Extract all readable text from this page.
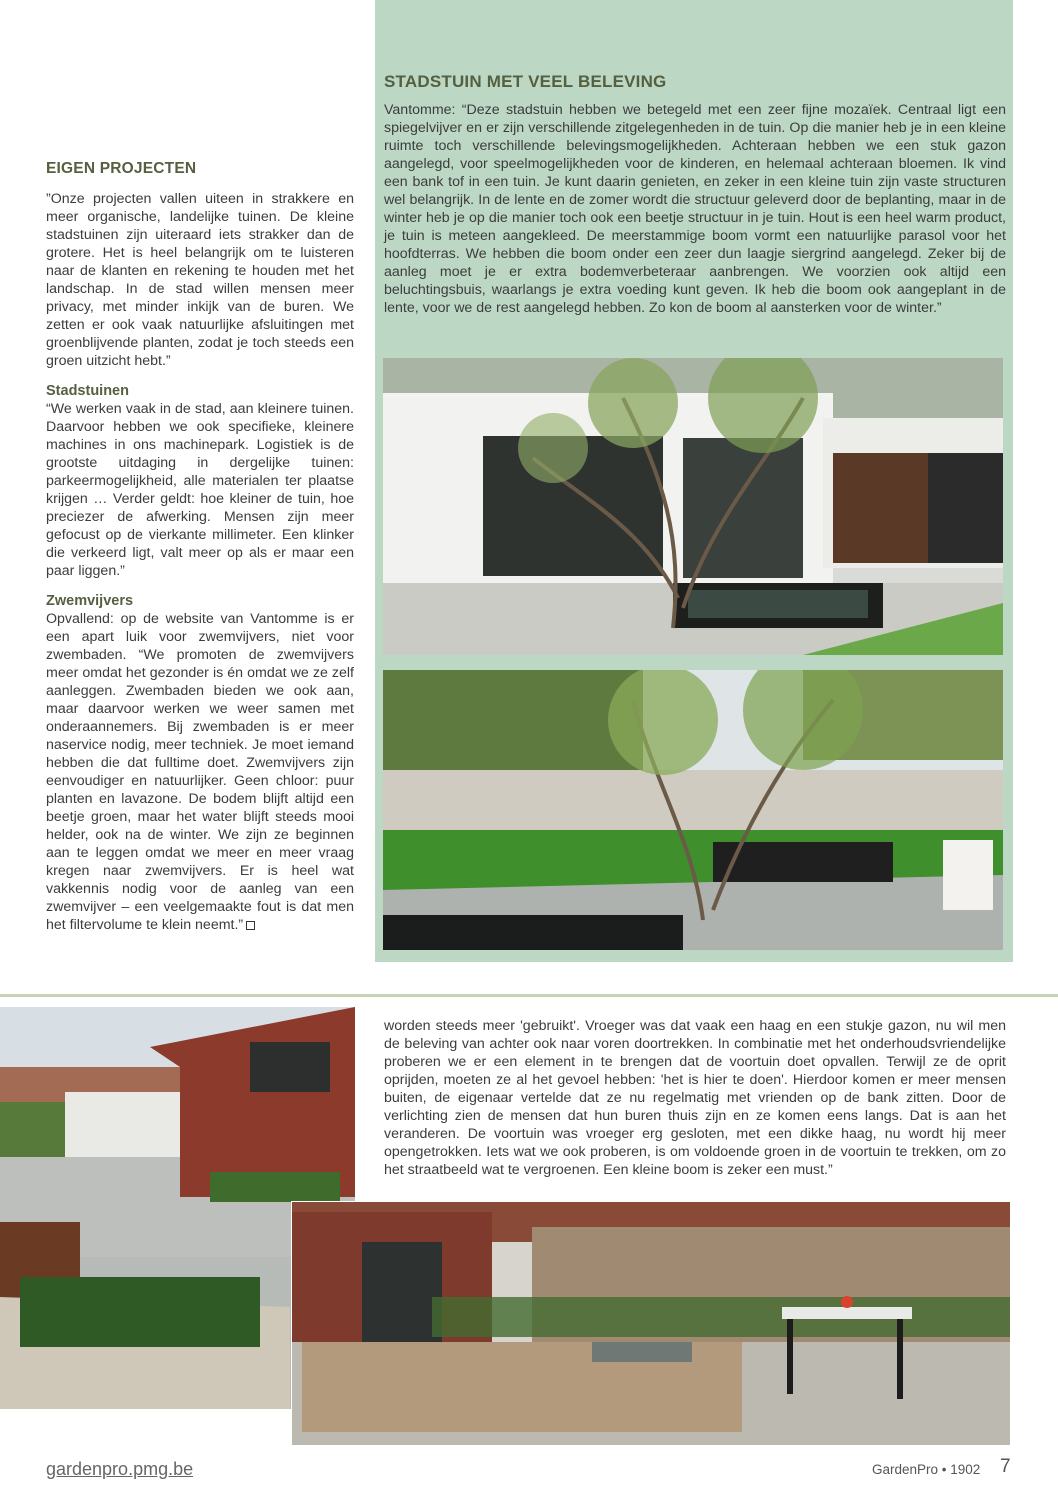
EIGEN PROJECTEN

”Onze projecten vallen uiteen in strakkere en meer organische, landelijke tuinen. De kleine stadstuinen zijn uiteraard iets strakker dan de grotere. Het is heel belangrijk om te luisteren naar de klanten en rekening te houden met het landschap. In de stad willen mensen meer privacy, met minder inkijk van de buren. We zetten er ook vaak natuurlijke afsluitingen met groenblijvende planten, zodat je toch steeds een groen uitzicht hebt.”

Stadstuinen

“We werken vaak in de stad, aan kleinere tuinen. Daarvoor hebben we ook specifieke, kleinere machines in ons machinepark. Logistiek is de grootste uitdaging in dergelijke tuinen: parkeermogelijkheid, alle materialen ter plaatse krijgen … Verder geldt: hoe kleiner de tuin, hoe preciezer de afwerking. Mensen zijn meer gefocust op de vierkante millimeter. Een klinker die verkeerd ligt, valt meer op als er maar een paar liggen.”

Zwemvijvers

Opvallend: op de website van Vantomme is er een apart luik voor zwemvijvers, niet voor zwembaden. “We promoten de zwemvijvers meer omdat het gezonder is én omdat we ze zelf aanleggen. Zwembaden bieden we ook aan, maar daarvoor werken we weer samen met onderaannemers. Bij zwembaden is er meer naservice nodig, meer techniek. Je moet iemand hebben die dat fulltime doet. Zwemvijvers zijn eenvoudiger en natuurlijker. Geen chloor: puur planten en lavazone. De bodem blijft altijd een beetje groen, maar het water blijft steeds mooi helder, ook na de winter. We zijn ze beginnen aan te leggen omdat we meer en meer vraag kregen naar zwemvijvers. Er is heel wat vakkennis nodig voor de aanleg van een zwemvijver – een veelgemaakte fout is dat men het filtervolume te klein neemt.”

STADSTUIN MET VEEL BELEVING
Vantomme: “Deze stadstuin hebben we betegeld met een zeer fijne mozaïek. Centraal ligt een spiegelvijver en er zijn verschillende zitgelegenheden in de tuin. Op die manier heb je in een kleine ruimte toch verschillende belevingsmogelijkheden. Achteraan hebben we een stuk gazon aangelegd, voor speelmogelijkheden voor de kinderen, en helemaal achteraan bloemen. Ik vind een bank tof in een tuin. Je kunt daarin genieten, en zeker in een kleine tuin zijn vaste structuren wel belangrijk. In de lente en de zomer wordt die structuur geleverd door de beplanting, maar in de winter heb je op die manier toch ook een beetje structuur in je tuin. Hout is een heel warm product, je tuin is meteen aangekleed. De meerstammige boom vormt een natuurlijke parasol voor het hoofdterras. We hebben die boom onder een zeer dun laagje siergrind aangelegd. Zeker bij de aanleg moet je er extra bodemverbeteraar aanbrengen. We voorzien ook altijd een beluchtingsbuis, waarlangs je extra voeding kunt geven. Ik heb die boom ook aangeplant in de lente, voor we de rest aangelegd hebben. Zo kon de boom al aansterken voor de winter.”
worden steeds meer 'gebruikt'. Vroeger was dat vaak een haag en een stukje gazon, nu wil men de beleving van achter ook naar voren doortrekken. In combinatie met het onderhoudsvriendelijke proberen we er een element in te brengen dat de voortuin doet opvallen. Terwijl ze de oprit oprijden, moeten ze al het gevoel hebben: 'het is hier te doen'. Hierdoor komen er meer mensen buiten, de eigenaar vertelde dat ze nu regelmatig met vrienden op de bank zitten. Door de verlichting zien de mensen dat hun buren thuis zijn en ze komen eens langs. Dat is aan het veranderen. De voortuin was vroeger erg gesloten, met een dikke haag, nu wordt hij meer opengetrokken. Iets wat we ook proberen, is om voldoende groen in de voortuin te trekken, om zo het straatbeeld wat te vergroenen. Een kleine boom is zeker een must.”
gardenpro.pmg.be	GardenPro • 1902 7
